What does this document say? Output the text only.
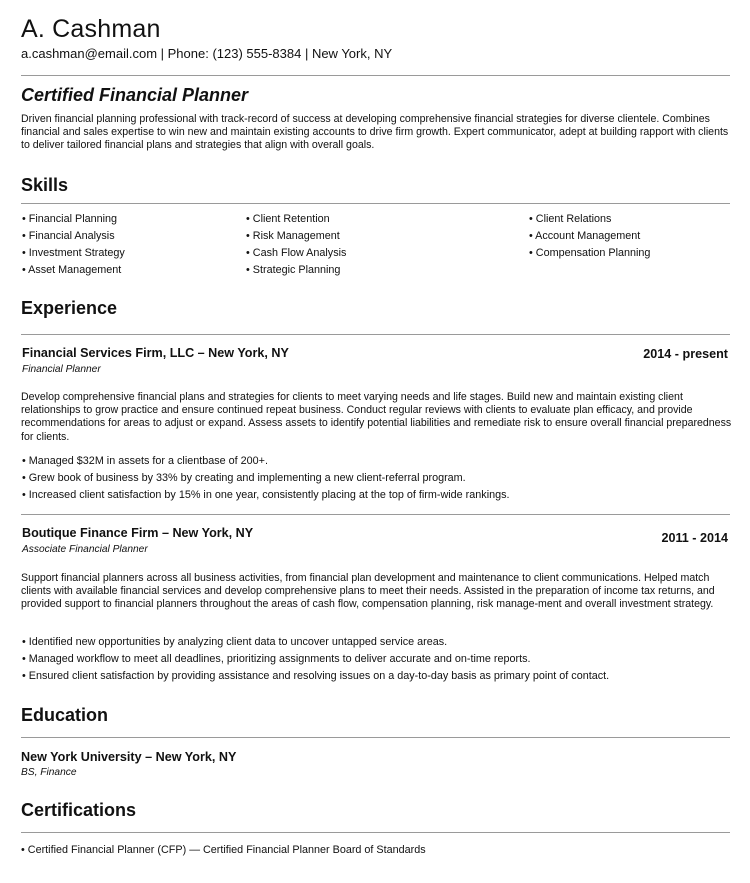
A. Cashman
a.cashman@email.com | Phone: (123) 555-8384 | New York, NY
Certified Financial Planner
Driven financial planning professional with track-record of success at developing comprehensive financial strategies for diverse clientele. Combines financial and sales expertise to win new and maintain existing accounts to drive firm growth. Expert communicator, adept at building rapport with clients to deliver tailored financial plans and strategies that align with overall goals.
Skills
• Financial Planning
• Financial Analysis
• Investment Strategy
• Asset Management
• Client Retention
• Risk Management
• Cash Flow Analysis
• Strategic Planning
• Client Relations
• Account Management
• Compensation Planning
Experience
Financial Services Firm, LLC – New York, NY	2014 - present
Financial Planner
Develop comprehensive financial plans and strategies for clients to meet varying needs and life stages. Build new and maintain existing client relationships to grow practice and ensure continued repeat business. Conduct regular reviews with clients to evaluate plan efficacy, and provide recommendations for areas to adjust or expand. Assess assets to identify potential liabilities and remediate risk to ensure overall financial preparedness for clients.
• Managed $32M in assets for a clientbase of 200+.
• Grew book of business by 33% by creating and implementing a new client-referral program.
• Increased client satisfaction by 15% in one year, consistently placing at the top of firm-wide rankings.
Boutique Finance Firm – New York, NY	2011 - 2014
Associate Financial Planner
Support financial planners across all business activities, from financial plan development and maintenance to client communications. Helped match clients with available financial services and develop comprehensive plans to meet their needs. Assisted in the preparation of income tax returns, and provided support to financial planners throughout the areas of cash flow, compensation planning, risk manage-ment and overall investment strategy.
• Identified new opportunities by analyzing client data to uncover untapped service areas.
• Managed workflow to meet all deadlines, prioritizing assignments to deliver accurate and on-time reports.
• Ensured client satisfaction by providing assistance and resolving issues on a day-to-day basis as primary point of contact.
Education
New York University – New York, NY
BS, Finance
Certifications
• Certified Financial Planner (CFP) — Certified Financial Planner Board of Standards
